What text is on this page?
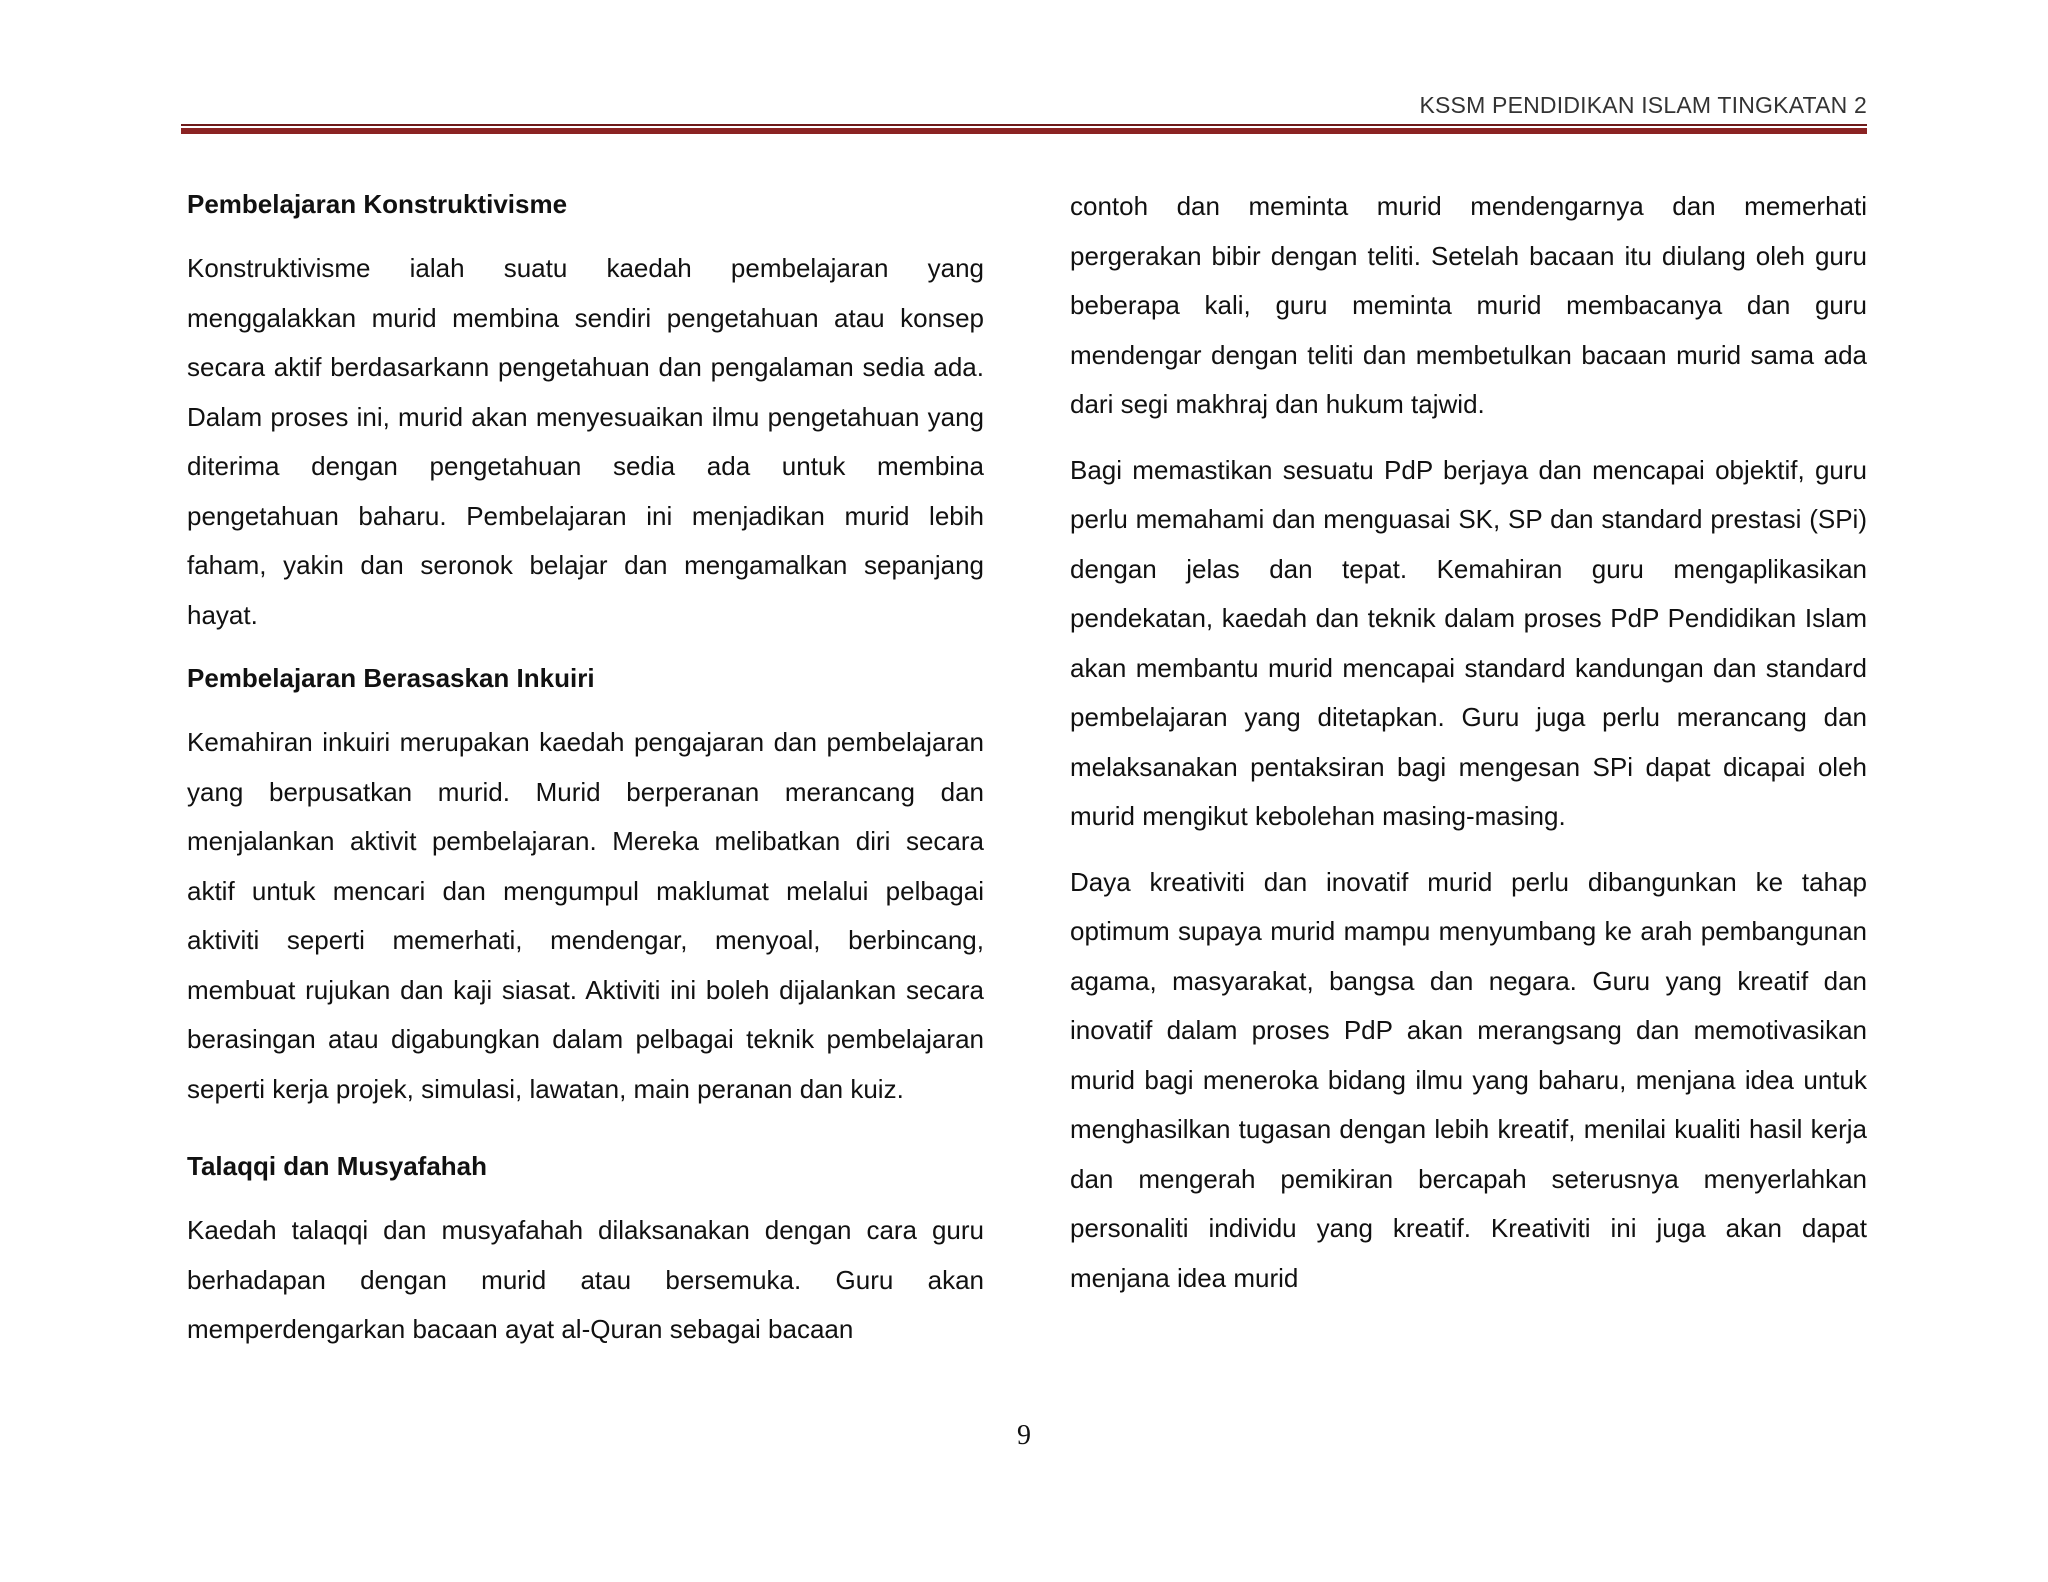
KSSM PENDIDIKAN ISLAM TINGKATAN 2
Pembelajaran Konstruktivisme

Konstruktivisme ialah suatu kaedah pembelajaran yang menggalakkan murid membina sendiri pengetahuan atau konsep secara aktif berdasarkann pengetahuan dan pengalaman sedia ada. Dalam proses ini, murid akan menyesuaikan ilmu pengetahuan yang diterima dengan pengetahuan sedia ada untuk membina pengetahuan baharu. Pembelajaran ini menjadikan murid lebih faham, yakin dan seronok belajar dan mengamalkan sepanjang hayat.

Pembelajaran Berasaskan Inkuiri

Kemahiran inkuiri merupakan kaedah pengajaran dan pembelajaran yang berpusatkan murid. Murid berperanan merancang dan menjalankan aktivit pembelajaran. Mereka melibatkan diri secara aktif untuk mencari dan mengumpul maklumat melalui pelbagai aktiviti seperti memerhati, mendengar, menyoal, berbincang, membuat rujukan dan kaji siasat. Aktiviti ini boleh dijalankan secara berasingan atau digabungkan dalam pelbagai teknik pembelajaran seperti kerja projek, simulasi, lawatan, main peranan dan kuiz.

Talaqqi dan Musyafahah

Kaedah talaqqi dan musyafahah dilaksanakan dengan cara guru berhadapan dengan murid atau bersemuka. Guru akan memperdengarkan bacaan ayat al-Quran sebagai bacaan

contoh dan meminta murid mendengarnya dan memerhati pergerakan bibir dengan teliti. Setelah bacaan itu diulang oleh guru beberapa kali, guru meminta murid membacanya dan guru mendengar dengan teliti dan membetulkan bacaan murid sama ada dari segi makhraj dan hukum tajwid.

Bagi memastikan sesuatu PdP berjaya dan mencapai objektif, guru perlu memahami dan menguasai SK, SP dan standard prestasi (SPi) dengan jelas dan tepat. Kemahiran guru mengaplikasikan pendekatan, kaedah dan teknik dalam proses PdP Pendidikan Islam akan membantu murid mencapai standard kandungan dan standard pembelajaran yang ditetapkan. Guru juga perlu merancang dan melaksanakan pentaksiran bagi mengesan SPi dapat dicapai oleh murid mengikut kebolehan masing-masing.

Daya kreativiti dan inovatif murid perlu dibangunkan ke tahap optimum supaya murid mampu menyumbang ke arah pembangunan agama, masyarakat, bangsa dan negara. Guru yang kreatif dan inovatif dalam proses PdP akan merangsang dan memotivasikan murid bagi meneroka bidang ilmu yang baharu, menjana idea untuk menghasilkan tugasan dengan lebih kreatif, menilai kualiti hasil kerja dan mengerah pemikiran bercapah seterusnya menyerlahkan personaliti individu yang kreatif. Kreativiti ini juga akan dapat menjana idea murid

9
